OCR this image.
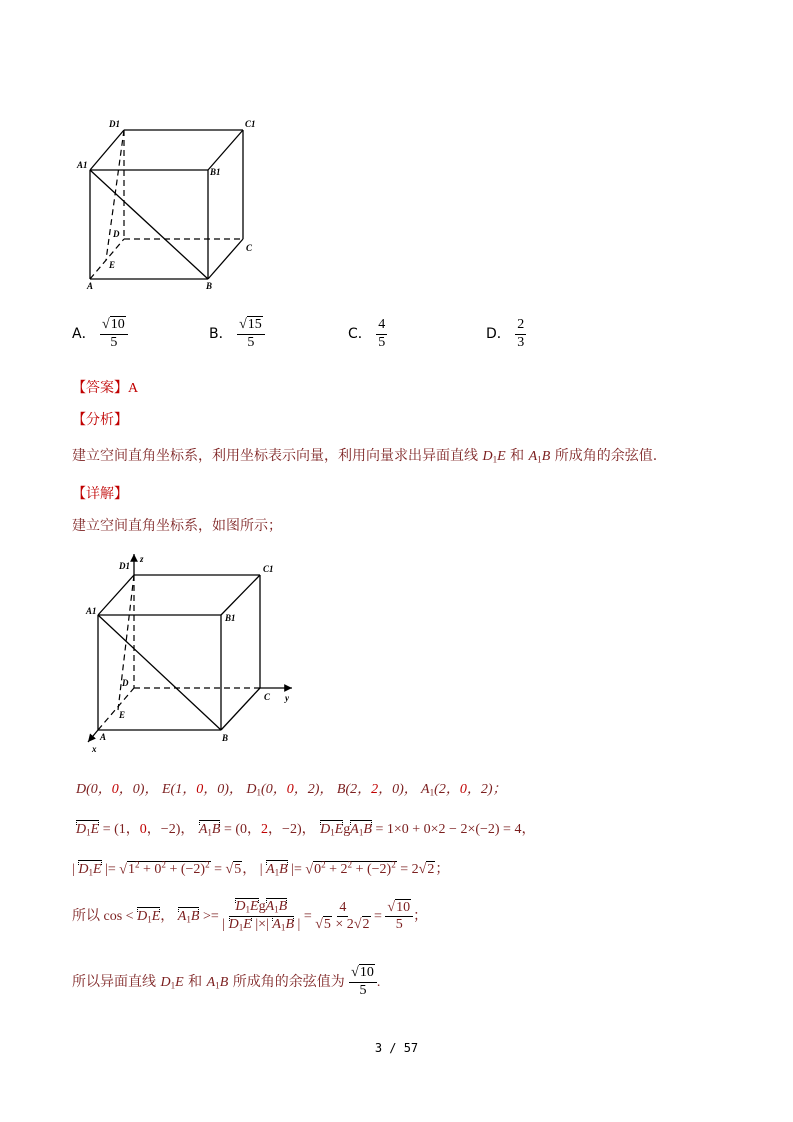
D1	C1
A1
B1
D
C
E
A	B
A． $\frac{√10}{5}$	B． $\frac{√15}{5}$	C． $\frac{4}{5}$	D． $\frac{2}{3}$
【答案】A
【分析】
建立空间直角坐标系，利用坐标表示向量，利用向量求出异面直线 $D_1E$ 和 $A_1B$ 所成角的余弦值.
【详解】
建立空间直角坐标系，如图所示；
D1
z
C1
A1
B1
D
C y
E
A	B
x
D(0，0，0)， E(1，0，0)， $D_1(0$，0，2)， B(2，2，0)， $A_1(2$，0，2)；
$D_1E = (1$，0，−2)， $A_1B = (0$，2，−2)， $D_1EgA_1B = 1\times 0 + 0\times 2 - 2\times(-2) = 4$，
| $D_1E$ |= $√1^2 + 0^2 + (-2)^2 = √5$， | $A_1B$ |= $√0^2 + 2^2 + (-2)^2 = 2√2$；
所以 $\cos < D_1E$， $A_1B >= \frac{D_1EgA_1B}{| D_1E |\times| A_1B |} = \frac{4}{√5 \times 2√2} = \frac{√10}{5}$ ；
所以异面直线 $D_1E$ 和 $A_1B$ 所成角的余弦值为 $\frac{√10}{5}$ .
3 / 57
